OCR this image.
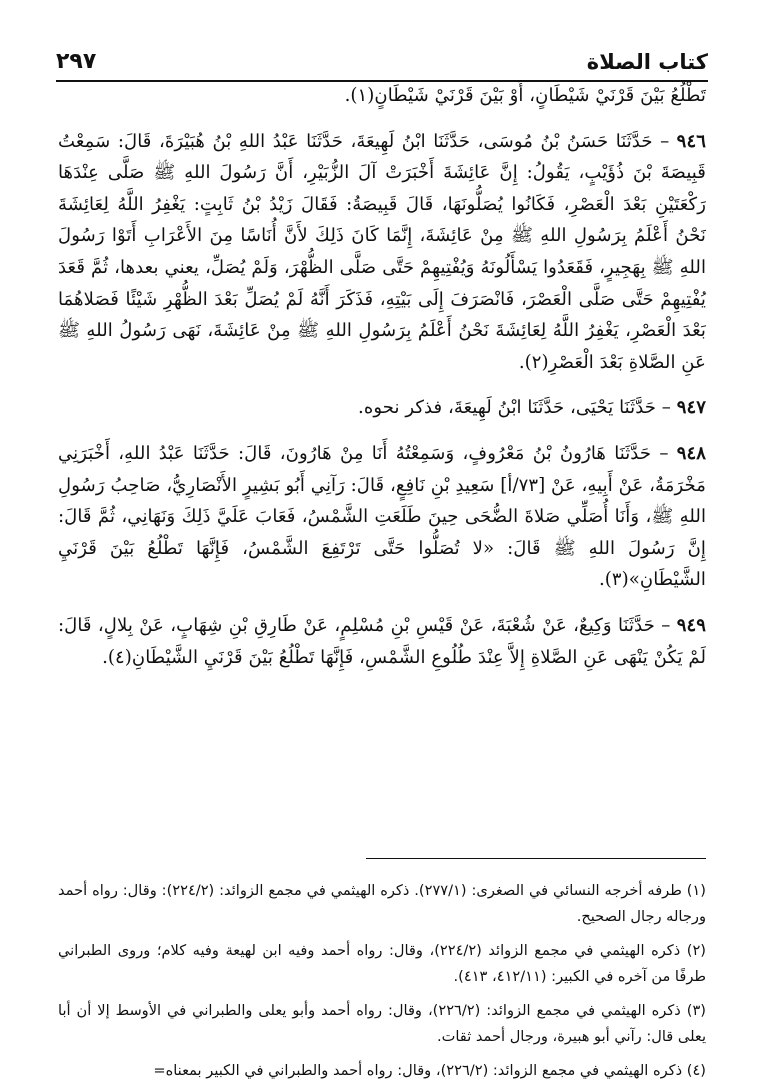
كتاب الصلاة
٢٩٧

تَطْلُعُ بَيْنَ قَرْنَيْ شَيْطَانٍ، أَوْ بَيْنَ قَرْنَيْ شَيْطَانٍ(١).

٩٤٦ – حَدَّثَنَا حَسَنُ بْنُ مُوسَى، حَدَّثَنَا ابْنُ لَهِيعَةَ، حَدَّثَنَا عَبْدُ اللهِ بْنُ هُبَيْرَةَ، قَالَ: سَمِعْتُ قَبِيصَةَ بْنَ ذُؤَيْبٍ، يَقُولُ: إِنَّ عَائِشَةَ أَخْبَرَتْ آلَ الزُّبَيْرِ، أَنَّ رَسُولَ اللهِ ﷺ صَلَّى عِنْدَهَا رَكْعَتَيْنِ بَعْدَ الْعَصْرِ، فَكَانُوا يُصَلُّونَهَا، قَالَ قَبِيصَةُ: فَقَالَ زَيْدُ بْنُ ثَابِتٍ: يَغْفِرُ اللَّهُ لِعَائِشَةَ نَحْنُ أَعْلَمُ بِرَسُولِ اللهِ ﷺ مِنْ عَائِشَةَ، إِنَّمَا كَانَ ذَلِكَ لأَنَّ أُنَاسًا مِنَ الأَعْرَابِ أَتَوْا رَسُولَ اللهِ ﷺ بِهَجِيرٍ، فَقَعَدُوا يَسْأَلُونَهُ وَيُفْتِيهِمْ حَتَّى صَلَّى الظُّهْرَ، وَلَمْ يُصَلِّ، يعني بعدها، ثُمَّ قَعَدَ يُفْتِيهِمْ حَتَّى صَلَّى الْعَصْرَ، فَانْصَرَفَ إِلَى بَيْتِهِ، فَذَكَرَ أَنَّهُ لَمْ يُصَلِّ بَعْدَ الظُّهْرِ شَيْئًا فَصَلاهُمَا بَعْدَ الْعَصْرِ، يَغْفِرُ اللَّهُ لِعَائِشَةَ نَحْنُ أَعْلَمُ بِرَسُولِ اللهِ ﷺ مِنْ عَائِشَةَ، نَهَى رَسُولُ اللهِ ﷺ عَنِ الصَّلاةِ بَعْدَ الْعَصْرِ(٢).

٩٤٧ – حَدَّثَنَا يَحْيَى، حَدَّثَنَا ابْنُ لَهِيعَةَ، فذكر نحوه.

٩٤٨ – حَدَّثَنَا هَارُونُ بْنُ مَعْرُوفٍ، وَسَمِعْتُهُ أَنَا مِنْ هَارُونَ، قَالَ: حَدَّثَنَا عَبْدُ اللهِ، أَخْبَرَنِي مَخْرَمَةُ، عَنْ أَبِيهِ، عَنْ [٧٣/أ] سَعِيدِ بْنِ نَافِعٍ، قَالَ: رَآنِي أَبُو بَشِيرٍ الأَنْصَارِيُّ، صَاحِبُ رَسُولِ اللهِ ﷺ، وَأَنَا أُصَلِّي صَلاةَ الضُّحَى حِينَ طَلَعَتِ الشَّمْسُ، فَعَابَ عَلَيَّ ذَلِكَ وَنَهَانِي، ثُمَّ قَالَ: إِنَّ رَسُولَ اللهِ ﷺ قَالَ: «لا تُصَلُّوا حَتَّى تَرْتَفِعَ الشَّمْسُ، فَإِنَّهَا تَطْلُعُ بَيْنَ قَرْنَيِ الشَّيْطَانِ»(٣).

٩٤٩ – حَدَّثَنَا وَكِيعٌ، عَنْ شُعْبَةَ، عَنْ قَيْسِ بْنِ مُسْلِمٍ، عَنْ طَارِقِ بْنِ شِهَابٍ، عَنْ بِلالٍ، قَالَ: لَمْ يَكُنْ يَنْهَى عَنِ الصَّلاةِ إِلاَّ عِنْدَ طُلُوعِ الشَّمْسِ، فَإِنَّهَا تَطْلُعُ بَيْنَ قَرْنَيِ الشَّيْطَانِ(٤).

(١) طرفه أخرجه النسائي في الصغرى: (٢٧٧/١). ذكره الهيثمي في مجمع الزوائد: (٢٢٤/٢): وقال: رواه أحمد ورجاله رجال الصحيح.

(٢) ذكره الهيثمي في مجمع الزوائد (٢٢٤/٢)، وقال: رواه أحمد وفيه ابن لهيعة وفيه كلام؛ وروى الطبراني طرفًا من آخره في الكبير: (٤١٢/١١، ٤١٣).

(٣) ذكره الهيثمي في مجمع الزوائد: (٢٢٦/٢)، وقال: رواه أحمد وأبو يعلى والطبراني في الأوسط إلا أن أبا يعلى قال: رآني أبو هبيرة، ورجال أحمد ثقات.

(٤) ذكره الهيثمي في مجمع الزوائد: (٢٢٦/٢)، وقال: رواه أحمد والطبراني في الكبير بمعناه=
